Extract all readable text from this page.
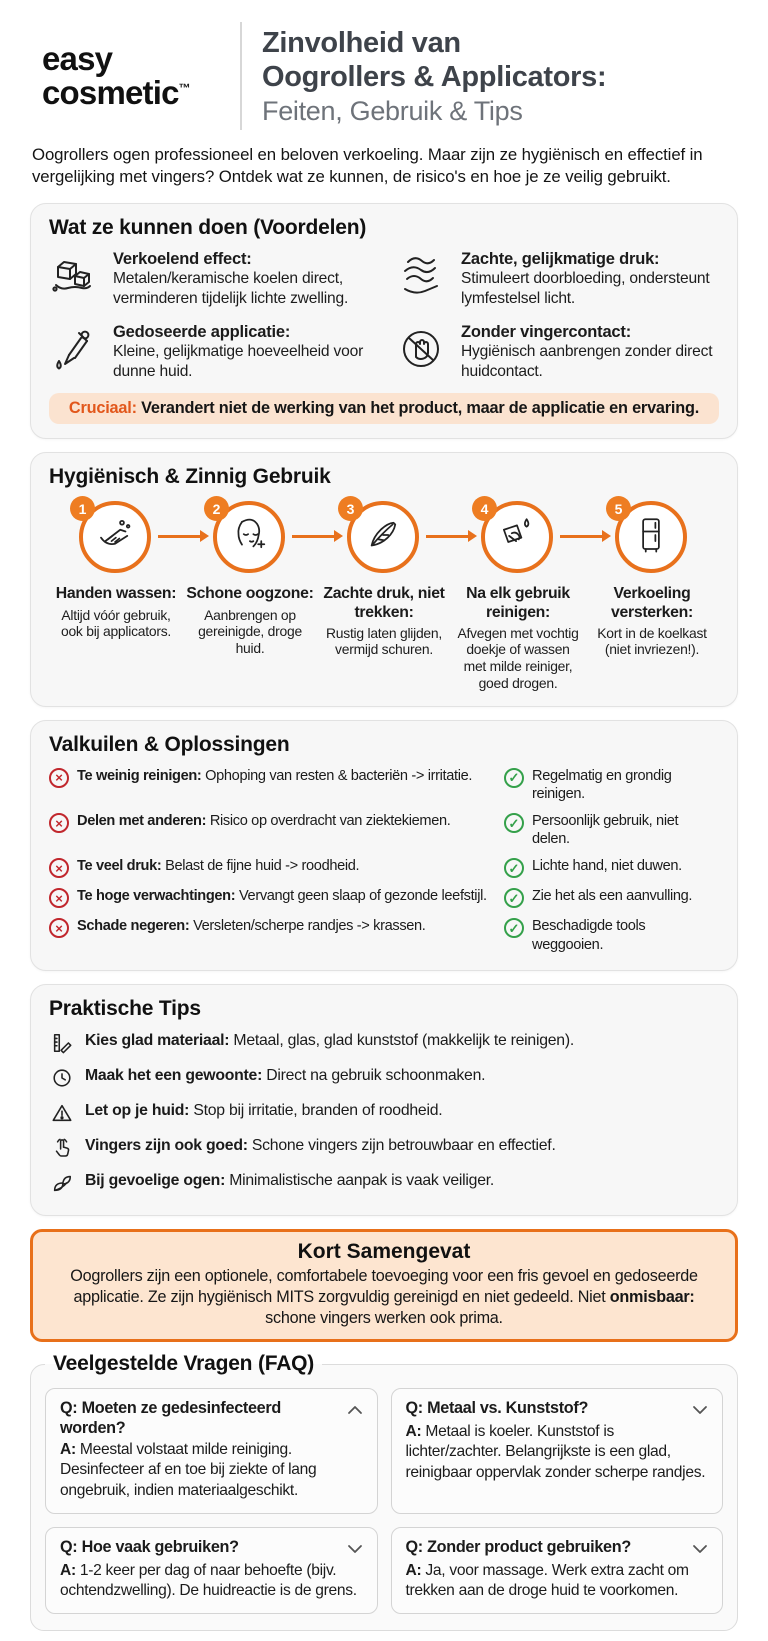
easy
cosmetic™
Zinvolheid van
Oogrollers & Applicators:
Feiten, Gebruik & Tips

Oogrollers ogen professioneel en beloven verkoeling. Maar zijn ze hygiënisch en effectief in vergelijking met vingers? Ontdek wat ze kunnen, de risico's en hoe je ze veilig gebruikt.

Wat ze kunnen doen (Voordelen)
Verkoelend effect:
Metalen/keramische koelen direct, verminderen tijdelijk lichte zwelling.
Zachte, gelijkmatige druk:
Stimuleert doorbloeding, ondersteunt lymfestelsel licht.
Gedoseerde applicatie:
Kleine, gelijkmatige hoeveelheid voor dunne huid.
Zonder vingercontact:
Hygiënisch aanbrengen zonder direct huidcontact.
Cruciaal: Verandert niet de werking van het product, maar de applicatie en ervaring.
Hygiënisch & Zinnig Gebruik
1
Handen wassen:
Altijd vóór gebruik, ook bij applicators.
2
Schone oogzone:
Aanbrengen op gereinigde, droge huid.
3
Zachte druk, niet trekken:
Rustig laten glijden, vermijd schuren.
4
Na elk gebruik reinigen:
Afvegen met vochtig doekje of wassen met milde reiniger, goed drogen.
5
Verkoeling versterken:
Kort in de koelkast (niet invriezen!).
Valkuilen & Oplossingen
× Te weinig reinigen: Ophoping van resten & bacteriën -> irritatie.	✓ Regelmatig en grondig reinigen.
× Delen met anderen: Risico op overdracht van ziektekiemen.	✓ Persoonlijk gebruik, niet delen.
× Te veel druk: Belast de fijne huid -> roodheid.	✓ Lichte hand, niet duwen.
× Te hoge verwachtingen: Vervangt geen slaap of gezonde leefstijl.	✓ Zie het als een aanvulling.
× Schade negeren: Versleten/scherpe randjes -> krassen.	✓ Beschadigde tools weggooien.
Praktische Tips
Kies glad materiaal: Metaal, glas, glad kunststof (makkelijk te reinigen).
Maak het een gewoonte: Direct na gebruik schoonmaken.
Let op je huid: Stop bij irritatie, branden of roodheid.
Vingers zijn ook goed: Schone vingers zijn betrouwbaar en effectief.
Bij gevoelige ogen: Minimalistische aanpak is vaak veiliger.
Kort Samengevat

Oogrollers zijn een optionele, comfortabele toevoeging voor een fris gevoel en gedoseerde applicatie. Ze zijn hygiënisch MITS zorgvuldig gereinigd en niet gedeeld. Niet onmisbaar: schone vingers werken ook prima.

Veelgestelde Vragen (FAQ)
Q: Moeten ze gedesinfecteerd worden?
A: Meestal volstaat milde reiniging. Desinfecteer af en toe bij ziekte of lang ongebruik, indien materiaalgeschikt.
Q: Metaal vs. Kunststof?
A: Metaal is koeler. Kunststof is lichter/zachter. Belangrijkste is een glad, reinigbaar oppervlak zonder scherpe randjes.
Q: Hoe vaak gebruiken?
A: 1-2 keer per dag of naar behoefte (bijv. ochtendzwelling). De huidreactie is de grens.
Q: Zonder product gebruiken?
A: Ja, voor massage. Werk extra zacht om trekken aan de droge huid te voorkomen.
